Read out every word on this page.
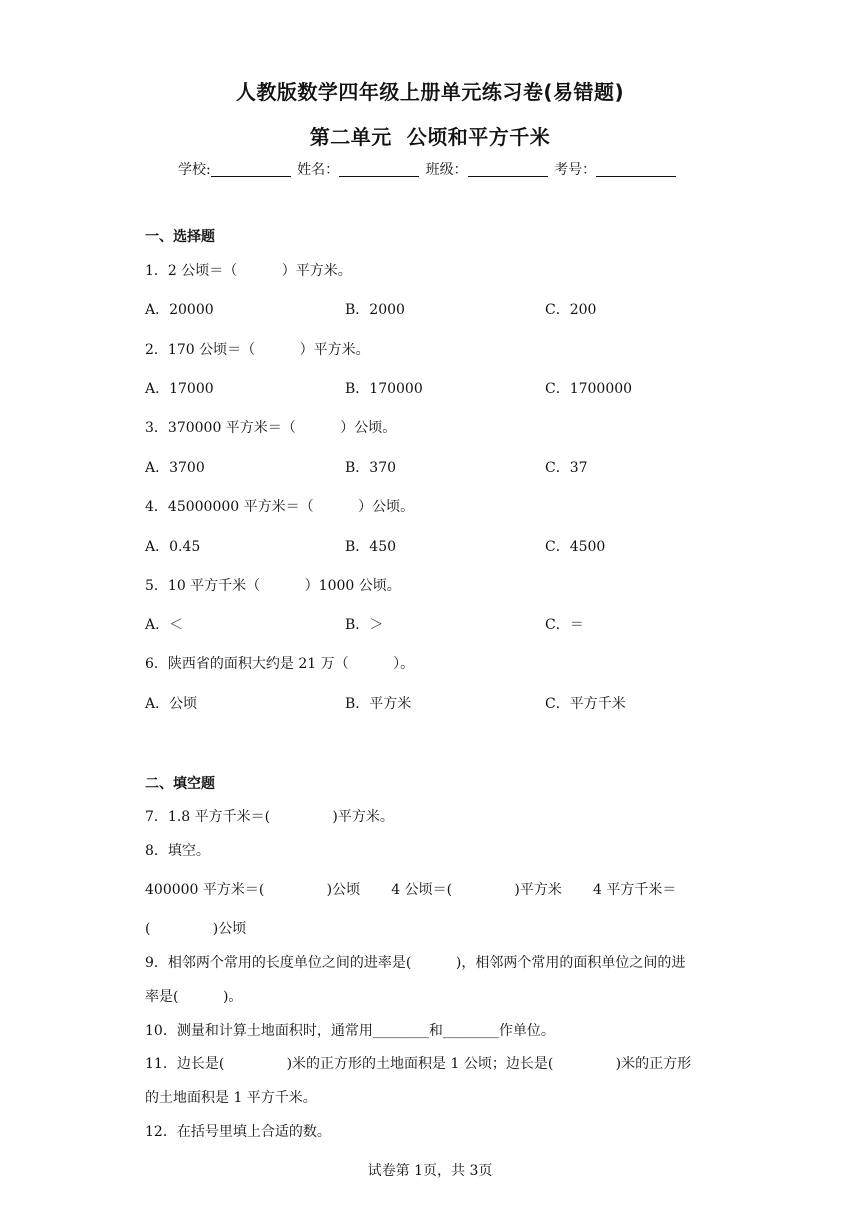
人教版数学四年级上册单元练习卷(易错题)
第二单元  公顷和平方千米
学校:	姓名：	班级：	考号：
一、选择题
1．2 公顷＝（          ）平方米。
A．20000	B．2000	C．200
2．170 公顷＝（          ）平方米。
A．17000	B．170000	C．1700000
3．370000 平方米＝（          ）公顷。
A．3700	B．370	C．37
4．45000000 平方米＝（          ）公顷。
A．0.45	B．450	C．4500
5．10 平方千米（          ）1000 公顷。
A．＜	B．＞	C．＝
6．陕西省的面积大约是 21 万（          ）。
A．公顷	B．平方米	C．平方千米
二、填空题
7．1.8 平方千米＝(              )平方米。
8．填空。
400000 平方米＝(              )公顷       4 公顷＝(              )平方米       4 平方千米＝
(              )公顷
9．相邻两个常用的长度单位之间的进率是(          )，相邻两个常用的面积单位之间的进
率是(          )。
10．测量和计算土地面积时，通常用________和________作单位。
11．边长是(              )米的正方形的土地面积是 1 公顷；边长是(              )米的正方形
的土地面积是 1 平方千米。
12．在括号里填上合适的数。
试卷第 1页，共 3页
